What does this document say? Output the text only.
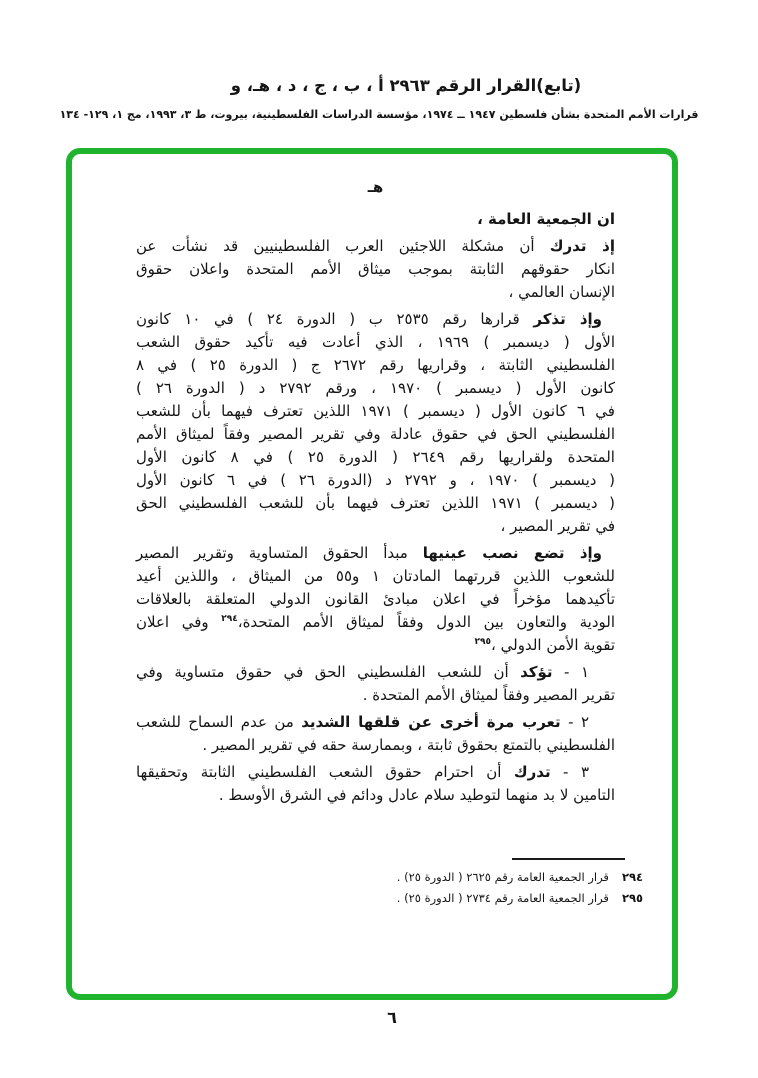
(تابع)القرار الرقم ٢٩٦٣ أ ، ب ، ج ، د ، هـ، و
قرارات الأمم المتحدة بشأن فلسطين ١٩٤٧ ــ ١٩٧٤، مؤسسة الدراسات الفلسطينية، بيروت، ط ٣، ١٩٩٣، مج ١، ١٢٩- ١٣٤
هـ
ان الجمعية العامة ،
إذ تدرك أن مشكلة اللاجئين العرب الفلسطينيين قد نشأت عن
انكار حقوقهم الثابتة بموجب ميثاق الأمم المتحدة واعلان حقوق
الإنسان العالمي ،
وإذ تذكر قرارها رقم ٢٥٣٥ ب ( الدورة ٢٤ ) في ١٠ كانون
الأول ( ديسمبر ) ١٩٦٩ ، الذي أعادت فيه تأكيد حقوق الشعب
الفلسطيني الثابتة ، وقراريها رقم ٢٦٧٢ ج ( الدورة ٢٥ ) في ٨
كانون الأول ( ديسمبر ) ١٩٧٠ ، ورقم ٢٧٩٢ د ( الدورة ٢٦ )
في ٦ كانون الأول ( ديسمبر ) ١٩٧١ اللذين تعترف فيهما بأن للشعب
الفلسطيني الحق في حقوق عادلة وفي تقرير المصير وفقاً لميثاق الأمم
المتحدة ولقراريها رقم ٢٦٤٩ ( الدورة ٢٥ ) في ٨ كانون الأول
( ديسمبر ) ١٩٧٠ ، و ٢٧٩٢ د (الدورة ٢٦ ) في ٦ كانون الأول
( ديسمبر ) ١٩٧١ اللذين تعترف فيهما بأن للشعب الفلسطيني الحق
في تقرير المصير ،
وإذ تضع نصب عينيها مبدأ الحقوق المتساوية وتقرير المصير
للشعوب اللذين قررتهما المادتان ١ و٥٥ من الميثاق ، واللذين أعيد
تأكيدهما مؤخراً في اعلان مبادئ القانون الدولي المتعلقة بالعلاقات
الودية والتعاون بين الدول وفقاً لميثاق الأمم المتحدة،$^{٢٩٤}$ وفي اعلان
تقوية الأمن الدولي ،$^{٢٩٥}$
١ - تؤكد أن للشعب الفلسطيني الحق في حقوق متساوية وفي
تقرير المصير وفقاً لميثاق الأمم المتحدة .
٢ - تعرب مرة أخرى عن قلقها الشديد من عدم السماح للشعب
الفلسطيني بالتمتع بحقوق ثابتة ، وبممارسة حقه في تقرير المصير .
٣ - تدرك أن احترام حقوق الشعب الفلسطيني الثابتة وتحقيقها
التامين لا بد منهما لتوطيد سلام عادل ودائم في الشرق الأوسط .
٢٩٤
قرار الجمعية العامة رقم ٢٦٢٥ ( الدورة ٢٥) .
٢٩٥
قرار الجمعية العامة رقم ٢٧٣٤ ( الدورة ٢٥) .
٦
